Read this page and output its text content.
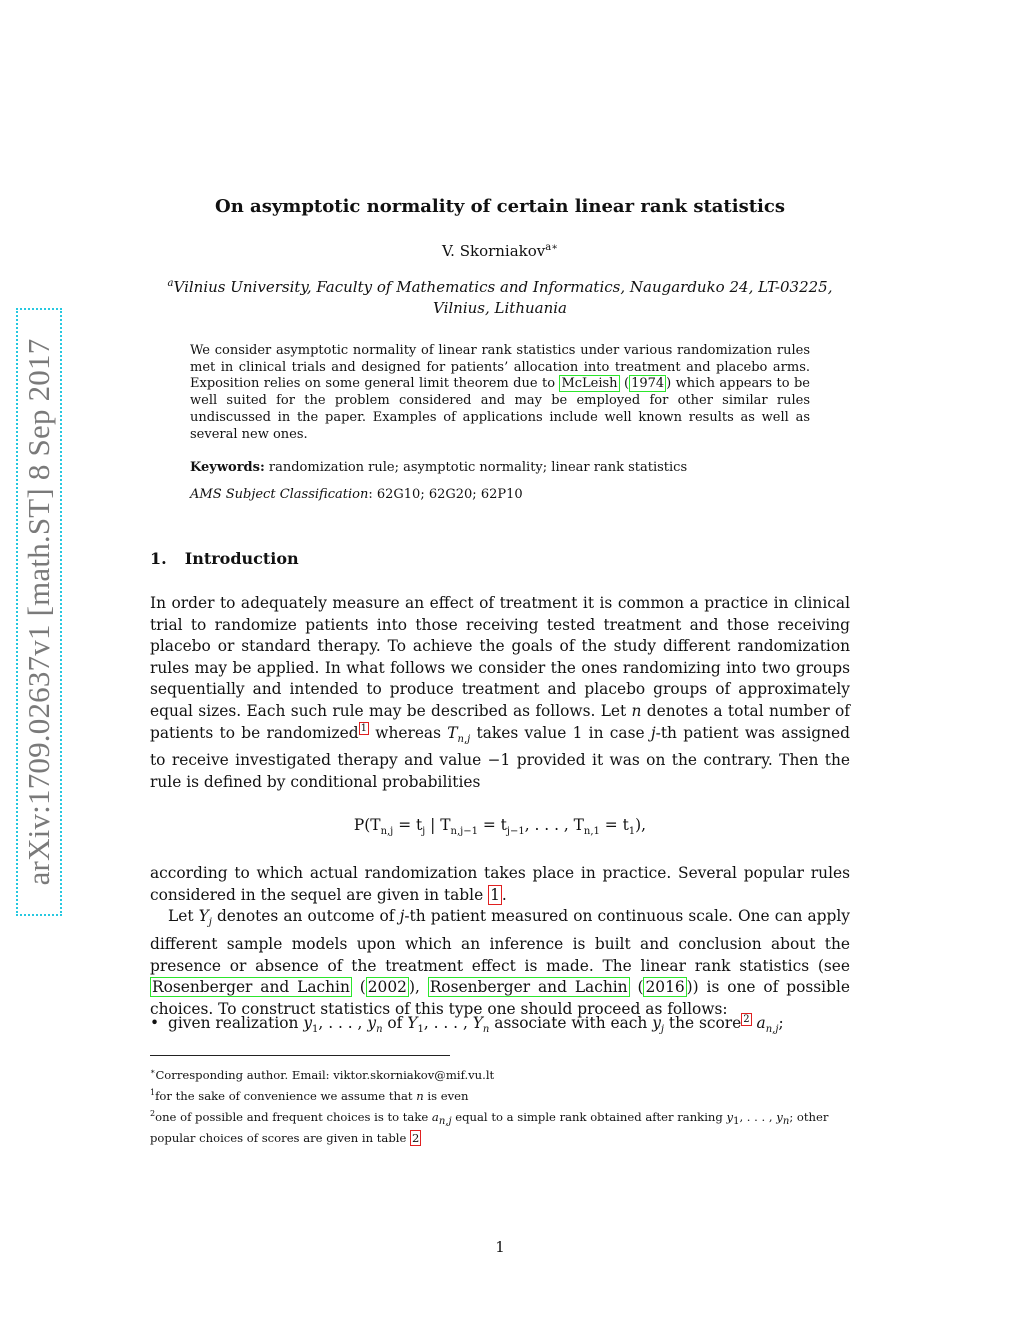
arXiv:1709.02637v1 [math.ST] 8 Sep 2017
On asymptotic normality of certain linear rank statistics
V. Skorniakov$^{a∗}$
$^a$Vilnius University, Faculty of Mathematics and Informatics, Naugarduko 24, LT-03225,
Vilnius, Lithuania
We consider asymptotic normality of linear rank statistics under various randomization rules met in clinical trials and designed for patients’ allocation into treatment and placebo arms. Exposition relies on some general limit theorem due to McLeish ( 1974 ) which appears to be well suited for the problem considered and may be employed for other similar rules undiscussed in the paper. Examples of applications include well known results as well as several new ones.
Keywords: randomization rule; asymptotic normality; linear rank statistics
AMS Subject Classification: 62G10; 62G20; 62P10
1. Introduction

In order to adequately measure an effect of treatment it is common a practice in clinical trial to randomize patients into those receiving tested treatment and those receiving placebo or standard therapy. To achieve the goals of the study different randomization rules may be applied. In what follows we consider the ones randomizing into two groups sequentially and intended to produce treatment and placebo groups of approximately equal sizes. Each such rule may be described as follows. Let n denotes a total number of patients to be randomized $^1$ whereas $T_{n,j}$ takes value 1 in case j-th patient was assigned to receive investigated therapy and value −1 provided it was on the contrary. Then the rule is defined by conditional probabilities

$P(T_{n,j} = t_j$ | $T_{n,j-1} = t_{j-1}$, . . . , $T_{n,1} = t_1$),

according to which actual randomization takes place in practice. Several popular rules considered in the sequel are given in table 1 .

Let $Y_j$ denotes an outcome of j-th patient measured on continuous scale. One can apply different sample models upon which an inference is built and conclusion about the presence or absence of the treatment effect is made. The linear rank statistics (see Rosenberger and Lachin ( 2002 ), Rosenberger and Lachin ( 2016 )) is one of possible choices. To construct statistics of this type one should proceed as follows:

• given realization $y_1$, . . . , $y_n$ of $Y_1$, . . . , $Y_n$ associate with each $y_j$ the score $^2$ $a_{n,j}$;
∗Corresponding author. Email: viktor.skorniakov@mif.vu.lt
$^1$for the sake of convenience we assume that n is even
$^2$one of possible and frequent choices is to take $a_{n,j}$ equal to a simple rank obtained after ranking $y_1$, . . . , $y_n$; other popular choices of scores are given in table 2
1
